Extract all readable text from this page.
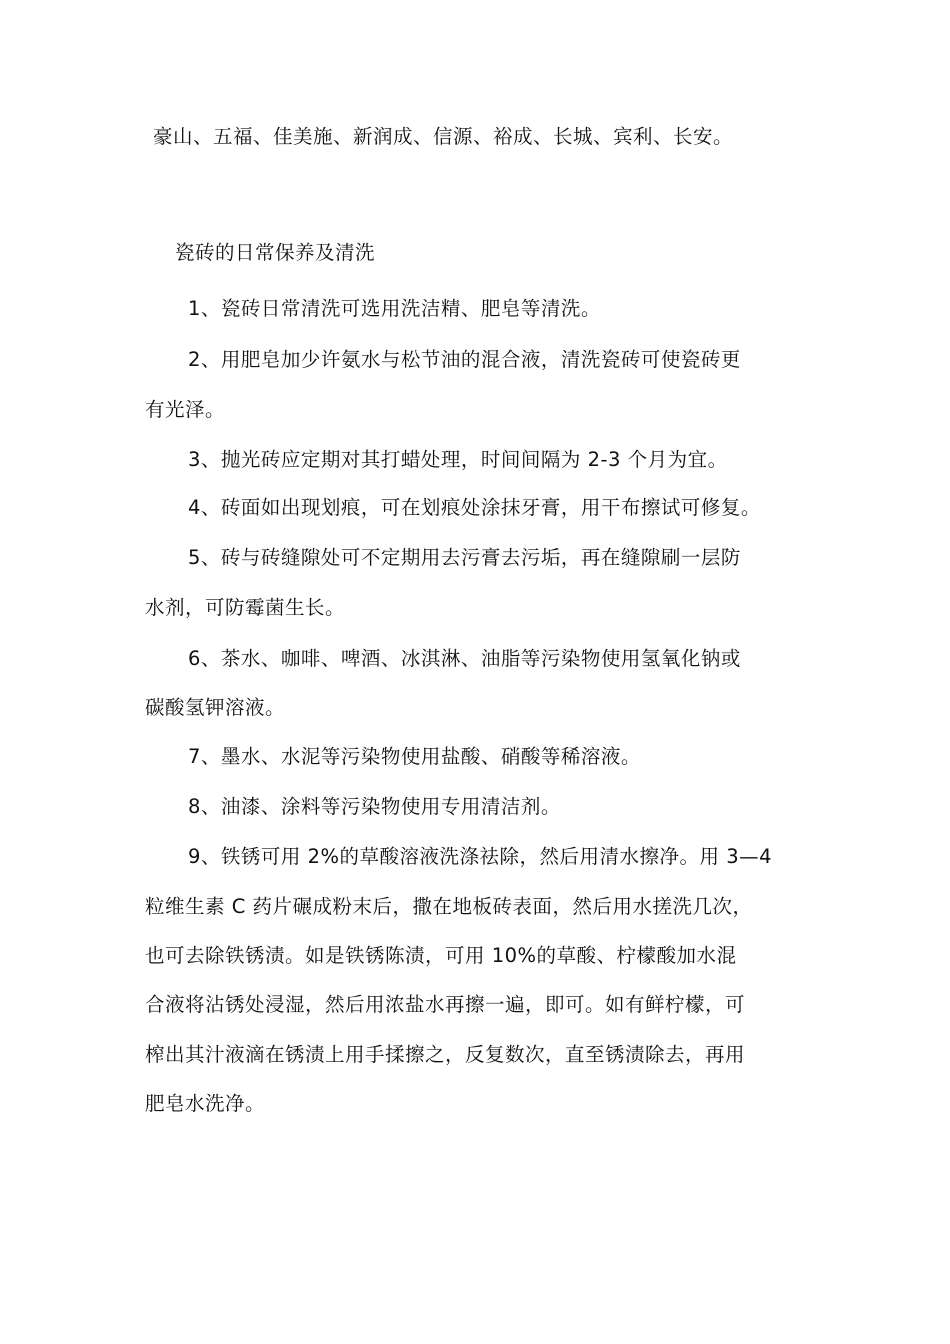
豪山、五福、佳美施、新润成、信源、裕成、长城、宾利、长安。
瓷砖的日常保养及清洗
1、瓷砖日常清洗可选用洗洁精、肥皂等清洗。
2、用肥皂加少许氨水与松节油的混合液，清洗瓷砖可使瓷砖更
有光泽。
3、抛光砖应定期对其打蜡处理，时间间隔为 2-3 个月为宜。
4、砖面如出现划痕，可在划痕处涂抹牙膏，用干布擦试可修复。
5、砖与砖缝隙处可不定期用去污膏去污垢，再在缝隙刷一层防
水剂，可防霉菌生长。
6、茶水、咖啡、啤酒、冰淇淋、油脂等污染物使用氢氧化钠或
碳酸氢钾溶液。
7、墨水、水泥等污染物使用盐酸、硝酸等稀溶液。
8、油漆、涂料等污染物使用专用清洁剂。
9、铁锈可用 2%的草酸溶液洗涤祛除，然后用清水擦净。用 3—4
粒维生素 C 药片碾成粉末后，撒在地板砖表面，然后用水搓洗几次，
也可去除铁锈渍。如是铁锈陈渍，可用 10%的草酸、柠檬酸加水混
合液将沾锈处浸湿，然后用浓盐水再擦一遍，即可。如有鲜柠檬，可
榨出其汁液滴在锈渍上用手揉擦之，反复数次，直至锈渍除去，再用
肥皂水洗净。
